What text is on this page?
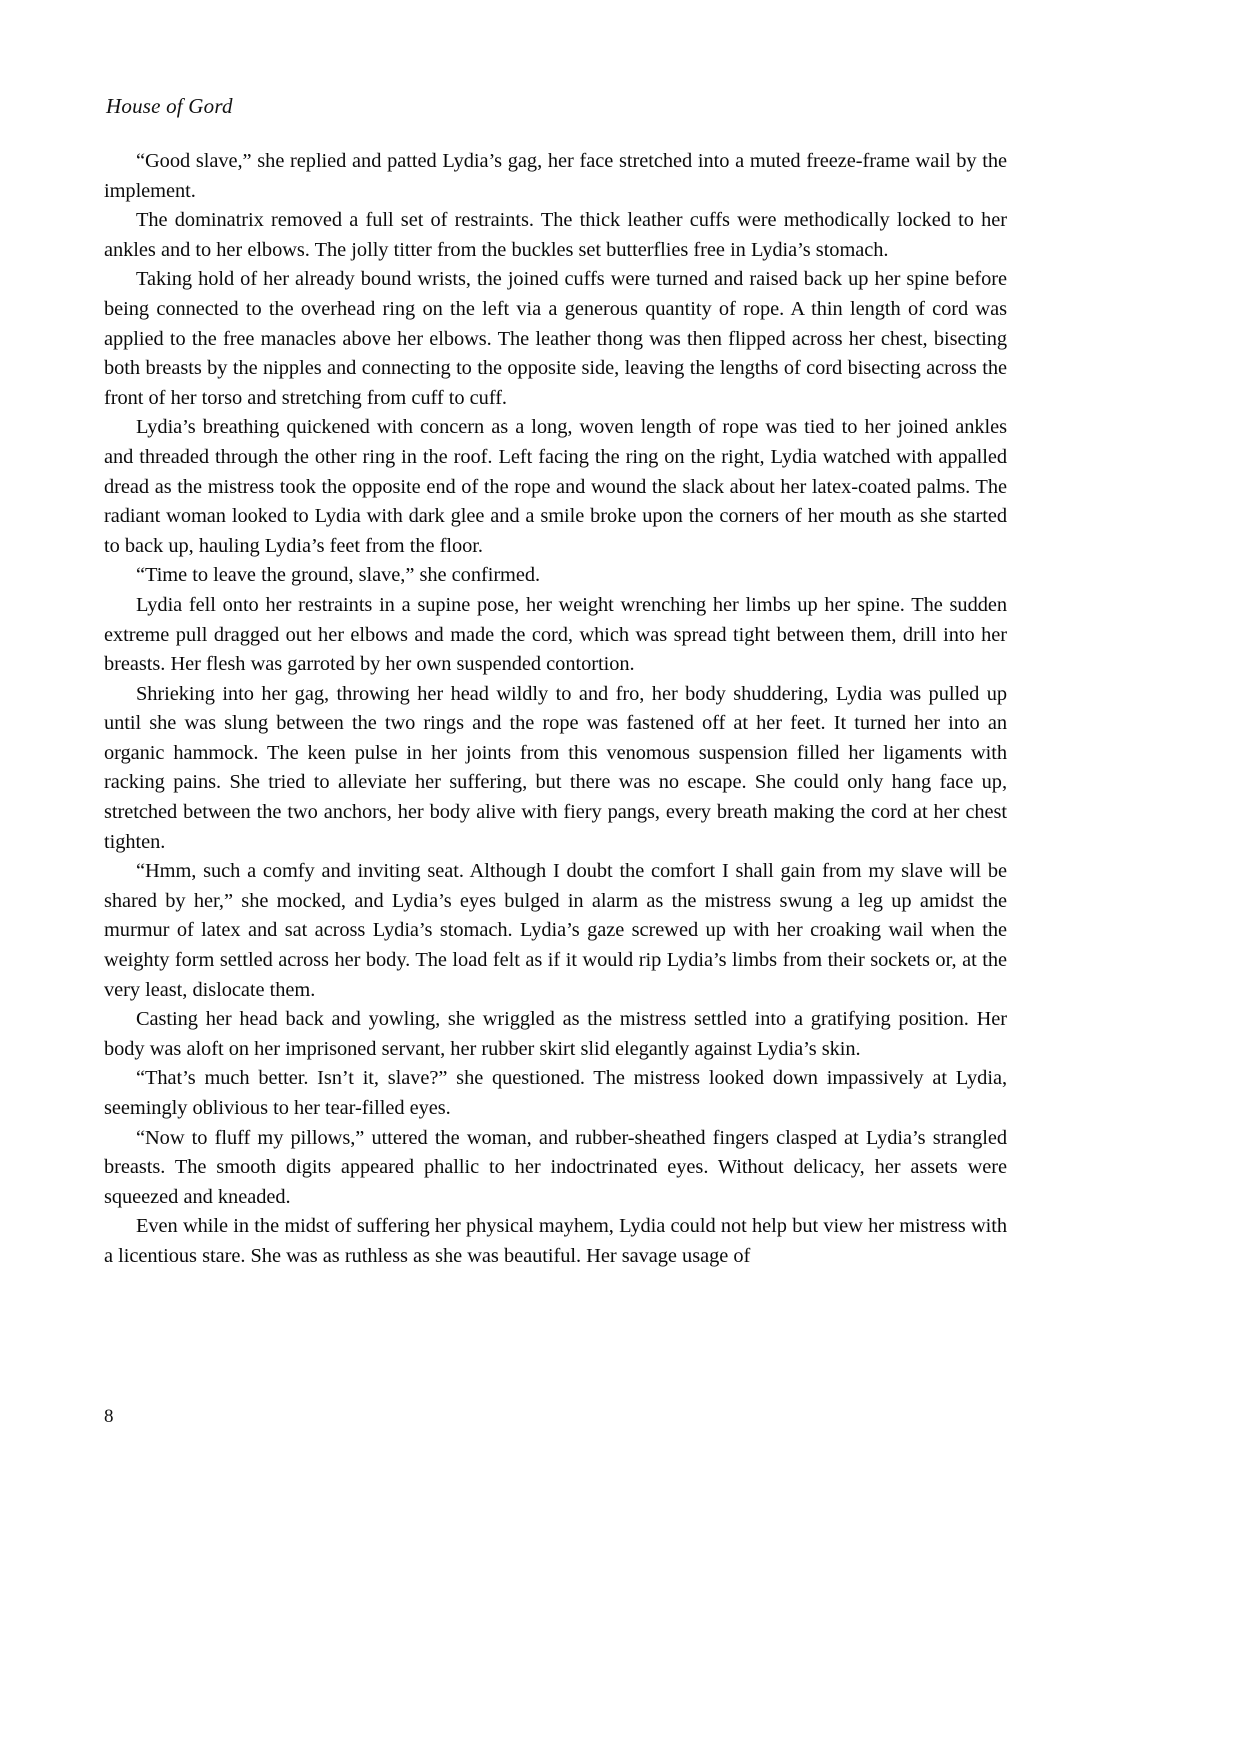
House of Gord

“Good slave,” she replied and patted Lydia’s gag, her face stretched into a muted freeze-frame wail by the implement.

The dominatrix removed a full set of restraints. The thick leather cuffs were methodically locked to her ankles and to her elbows. The jolly titter from the buckles set butterflies free in Lydia’s stomach.

Taking hold of her already bound wrists, the joined cuffs were turned and raised back up her spine before being connected to the overhead ring on the left via a generous quantity of rope. A thin length of cord was applied to the free manacles above her elbows. The leather thong was then flipped across her chest, bisecting both breasts by the nipples and connecting to the opposite side, leaving the lengths of cord bisecting across the front of her torso and stretching from cuff to cuff.

Lydia’s breathing quickened with concern as a long, woven length of rope was tied to her joined ankles and threaded through the other ring in the roof. Left facing the ring on the right, Lydia watched with appalled dread as the mistress took the opposite end of the rope and wound the slack about her latex-coated palms. The radiant woman looked to Lydia with dark glee and a smile broke upon the corners of her mouth as she started to back up, hauling Lydia’s feet from the floor.

“Time to leave the ground, slave,” she confirmed.

Lydia fell onto her restraints in a supine pose, her weight wrenching her limbs up her spine. The sudden extreme pull dragged out her elbows and made the cord, which was spread tight between them, drill into her breasts. Her flesh was garroted by her own suspended contortion.

Shrieking into her gag, throwing her head wildly to and fro, her body shuddering, Lydia was pulled up until she was slung between the two rings and the rope was fastened off at her feet. It turned her into an organic hammock. The keen pulse in her joints from this venomous suspension filled her ligaments with racking pains. She tried to alleviate her suffering, but there was no escape. She could only hang face up, stretched between the two anchors, her body alive with fiery pangs, every breath making the cord at her chest tighten.

“Hmm, such a comfy and inviting seat. Although I doubt the comfort I shall gain from my slave will be shared by her,” she mocked, and Lydia’s eyes bulged in alarm as the mistress swung a leg up amidst the murmur of latex and sat across Lydia’s stomach. Lydia’s gaze screwed up with her croaking wail when the weighty form settled across her body. The load felt as if it would rip Lydia’s limbs from their sockets or, at the very least, dislocate them.

Casting her head back and yowling, she wriggled as the mistress settled into a gratifying position. Her body was aloft on her imprisoned servant, her rubber skirt slid elegantly against Lydia’s skin.

“That’s much better. Isn’t it, slave?” she questioned. The mistress looked down impassively at Lydia, seemingly oblivious to her tear-filled eyes.

“Now to fluff my pillows,” uttered the woman, and rubber-sheathed fingers clasped at Lydia’s strangled breasts. The smooth digits appeared phallic to her indoctrinated eyes. Without delicacy, her assets were squeezed and kneaded.

Even while in the midst of suffering her physical mayhem, Lydia could not help but view her mistress with a licentious stare. She was as ruthless as she was beautiful. Her savage usage of

8
